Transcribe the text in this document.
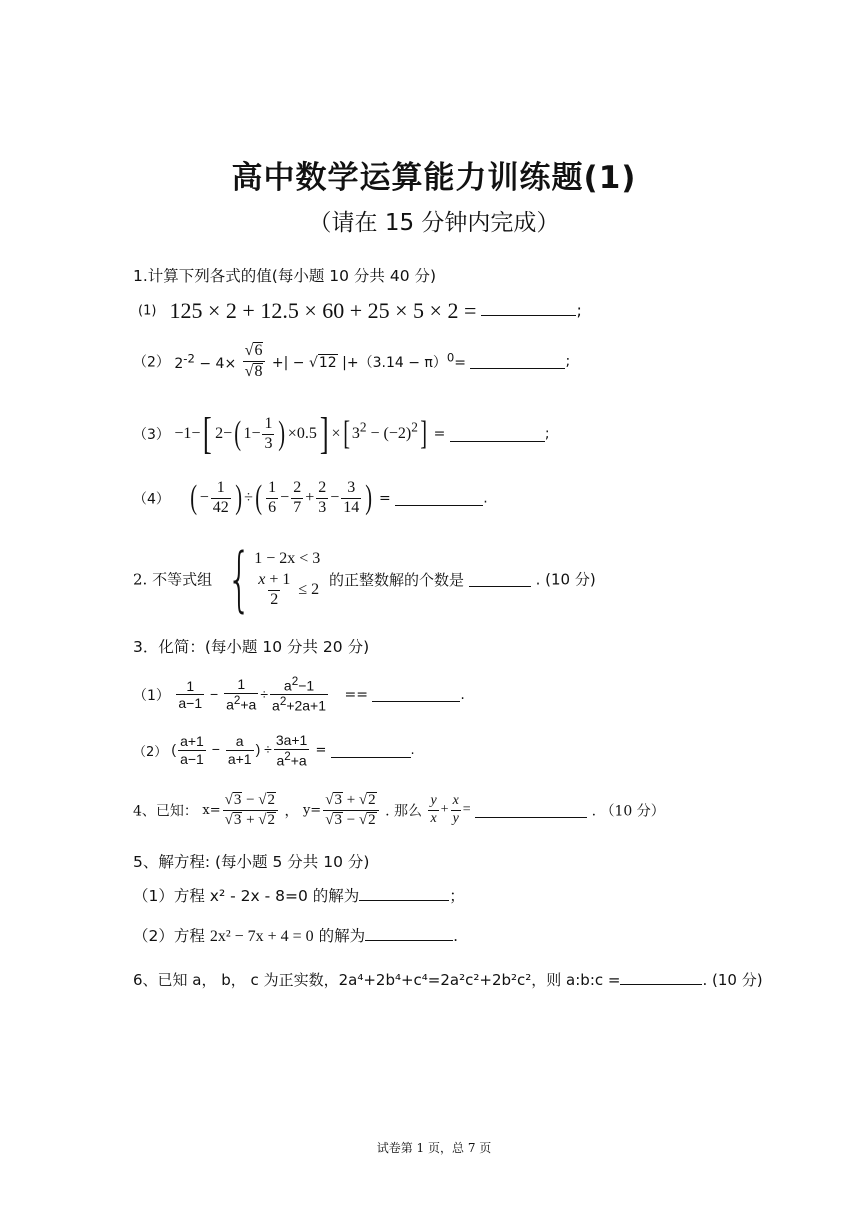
高中数学运算能力训练题(1)
（请在 15 分钟内完成）
1.计算下列各式的值(每小题 10 分共 40 分)
(1) 125 × 2 + 12.5 × 60 + 25 × 5 × 2 =	;
（2） $2^{-2} - 4\times \frac{√6}{√8}$ +| − √12 $|+(3.14 - \pi)^0=$	;
（3） −1−[ 2−( $1- \frac{1}{3}$ ) ×0.5] ×[ $3^2 - (-2)^2$] =	;
（4） ( − $\frac{1}{42}$ ) ÷( $\frac{1}{6} - \frac{2}{7} + \frac{2}{3} - \frac{3}{14}$ ) =	.
2. 不等式组 { 1 − 2x < 3
$\frac{x + 1}{2} \le 2$
的正整数解的个数是	. (10 分)
3．化简：(每小题 10 分共 20 分)
$(1) \frac{1}{a-1} - \frac{1}{a^2+a} \div \frac{a^2-1}{a^2+2a+1}$ ==	.
（2） ( $\frac{a+1}{a-1} - \frac{a}{a+1}$ ) ÷ $\frac{3a+1}{a^2+a}$ =	.
4、已知： $x= \frac{√3 - √2}{√3 + √2}$ ， $y= \frac{√3 + √2}{√3 - √2}$ . 那么 $\frac{y}{x} + \frac{x}{y}$ =	. （10 分）
5、解方程: (每小题 5 分共 10 分)
（1）方程 x² - 2x - 8=0 的解为	；
（2）方程 2x² − 7x + 4 = 0 的解为	.
6、已知 a， b， c 为正实数，2a⁴+2b⁴+c⁴=2a²c²+2b²c²，则 a:b:c =	. (10 分)
试卷第 1 页，总 7 页
